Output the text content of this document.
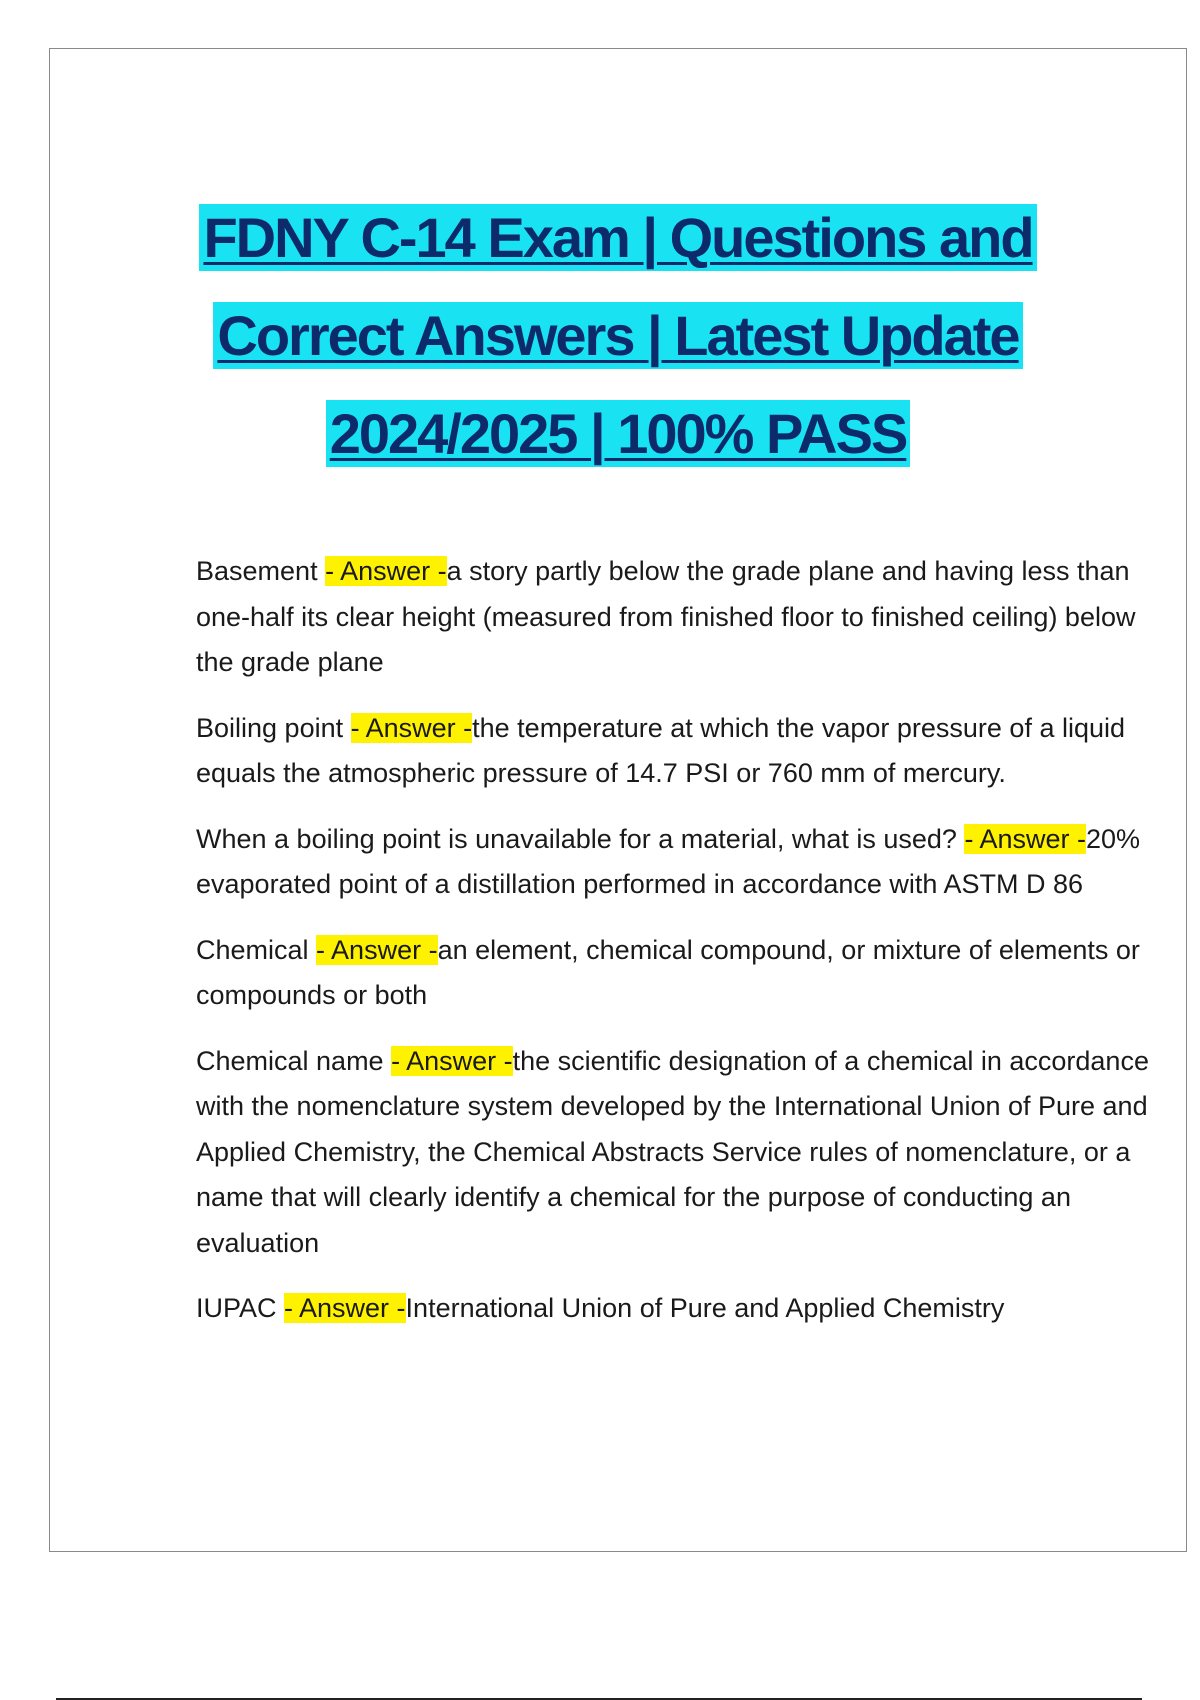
FDNY C-14 Exam | Questions and
Correct Answers | Latest Update
2024/2025 | 100% PASS

Basement - Answer -a story partly below the grade plane and having less than one-half its clear height (measured from finished floor to finished ceiling) below the grade plane

Boiling point - Answer -the temperature at which the vapor pressure of a liquid equals the atmospheric pressure of 14.7 PSI or 760 mm of mercury.

When a boiling point is unavailable for a material, what is used? - Answer -20% evaporated point of a distillation performed in accordance with ASTM D 86

Chemical - Answer -an element, chemical compound, or mixture of elements or compounds or both

Chemical name - Answer -the scientific designation of a chemical in accordance with the nomenclature system developed by the International Union of Pure and Applied Chemistry, the Chemical Abstracts Service rules of nomenclature, or a name that will clearly identify a chemical for the purpose of conducting an evaluation

IUPAC - Answer -International Union of Pure and Applied Chemistry
